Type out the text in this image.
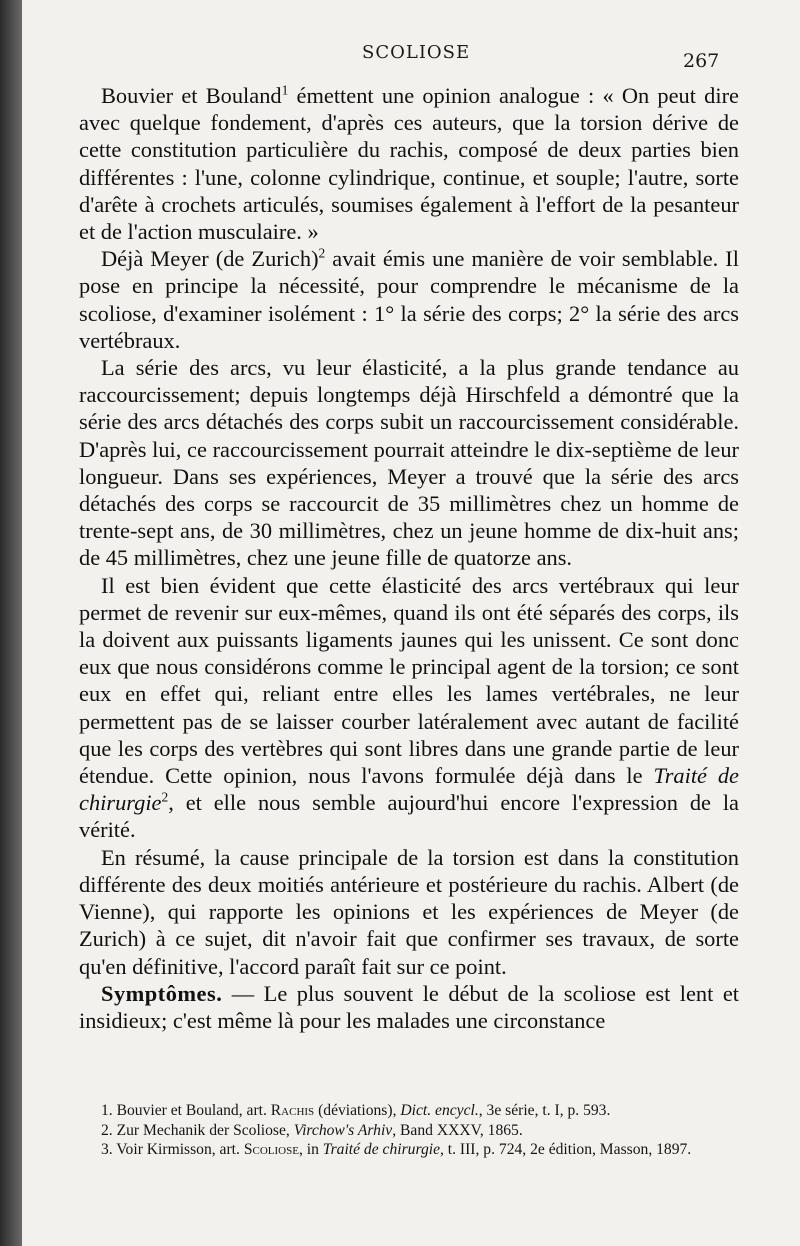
SCOLIOSE	267

Bouvier et Bouland$^1$ émettent une opinion analogue : « On peut dire avec quelque fondement, d'après ces auteurs, que la torsion dérive de cette constitution particulière du rachis, composé de deux parties bien différentes : l'une, colonne cylindrique, continue, et souple; l'autre, sorte d'arête à crochets articulés, soumises également à l'effort de la pesanteur et de l'action musculaire. »

Déjà Meyer (de Zurich)$^2$ avait émis une manière de voir semblable. Il pose en principe la nécessité, pour comprendre le mécanisme de la scoliose, d'examiner isolément : 1° la série des corps; 2° la série des arcs vertébraux.

La série des arcs, vu leur élasticité, a la plus grande tendance au raccourcissement; depuis longtemps déjà Hirschfeld a démontré que la série des arcs détachés des corps subit un raccourcissement considérable. D'après lui, ce raccourcissement pourrait atteindre le dix-septième de leur longueur. Dans ses expériences, Meyer a trouvé que la série des arcs détachés des corps se raccourcit de 35 millimètres chez un homme de trente-sept ans, de 30 millimètres, chez un jeune homme de dix-huit ans; de 45 millimètres, chez une jeune fille de quatorze ans.

Il est bien évident que cette élasticité des arcs vertébraux qui leur permet de revenir sur eux-mêmes, quand ils ont été séparés des corps, ils la doivent aux puissants ligaments jaunes qui les unissent. Ce sont donc eux que nous considérons comme le principal agent de la torsion; ce sont eux en effet qui, reliant entre elles les lames vertébrales, ne leur permettent pas de se laisser courber latéralement avec autant de facilité que les corps des vertèbres qui sont libres dans une grande partie de leur étendue. Cette opinion, nous l'avons formulée déjà dans le Traité de chirurgie$^2$, et elle nous semble aujourd'hui encore l'expression de la vérité.

En résumé, la cause principale de la torsion est dans la constitution différente des deux moitiés antérieure et postérieure du rachis. Albert (de Vienne), qui rapporte les opinions et les expériences de Meyer (de Zurich) à ce sujet, dit n'avoir fait que confirmer ses travaux, de sorte qu'en définitive, l'accord paraît fait sur ce point.

Symptômes. — Le plus souvent le début de la scoliose est lent et insidieux; c'est même là pour les malades une circonstance

1. Bouvier et Bouland, art. Rachis (déviations), Dict. encycl., 3e série, t. I, p. 593.

2. Zur Mechanik der Scoliose, Virchow's Arhiv, Band XXXV, 1865.

3. Voir Kirmisson, art. Scoliose, in Traité de chirurgie, t. III, p. 724, 2e édition, Masson, 1897.
